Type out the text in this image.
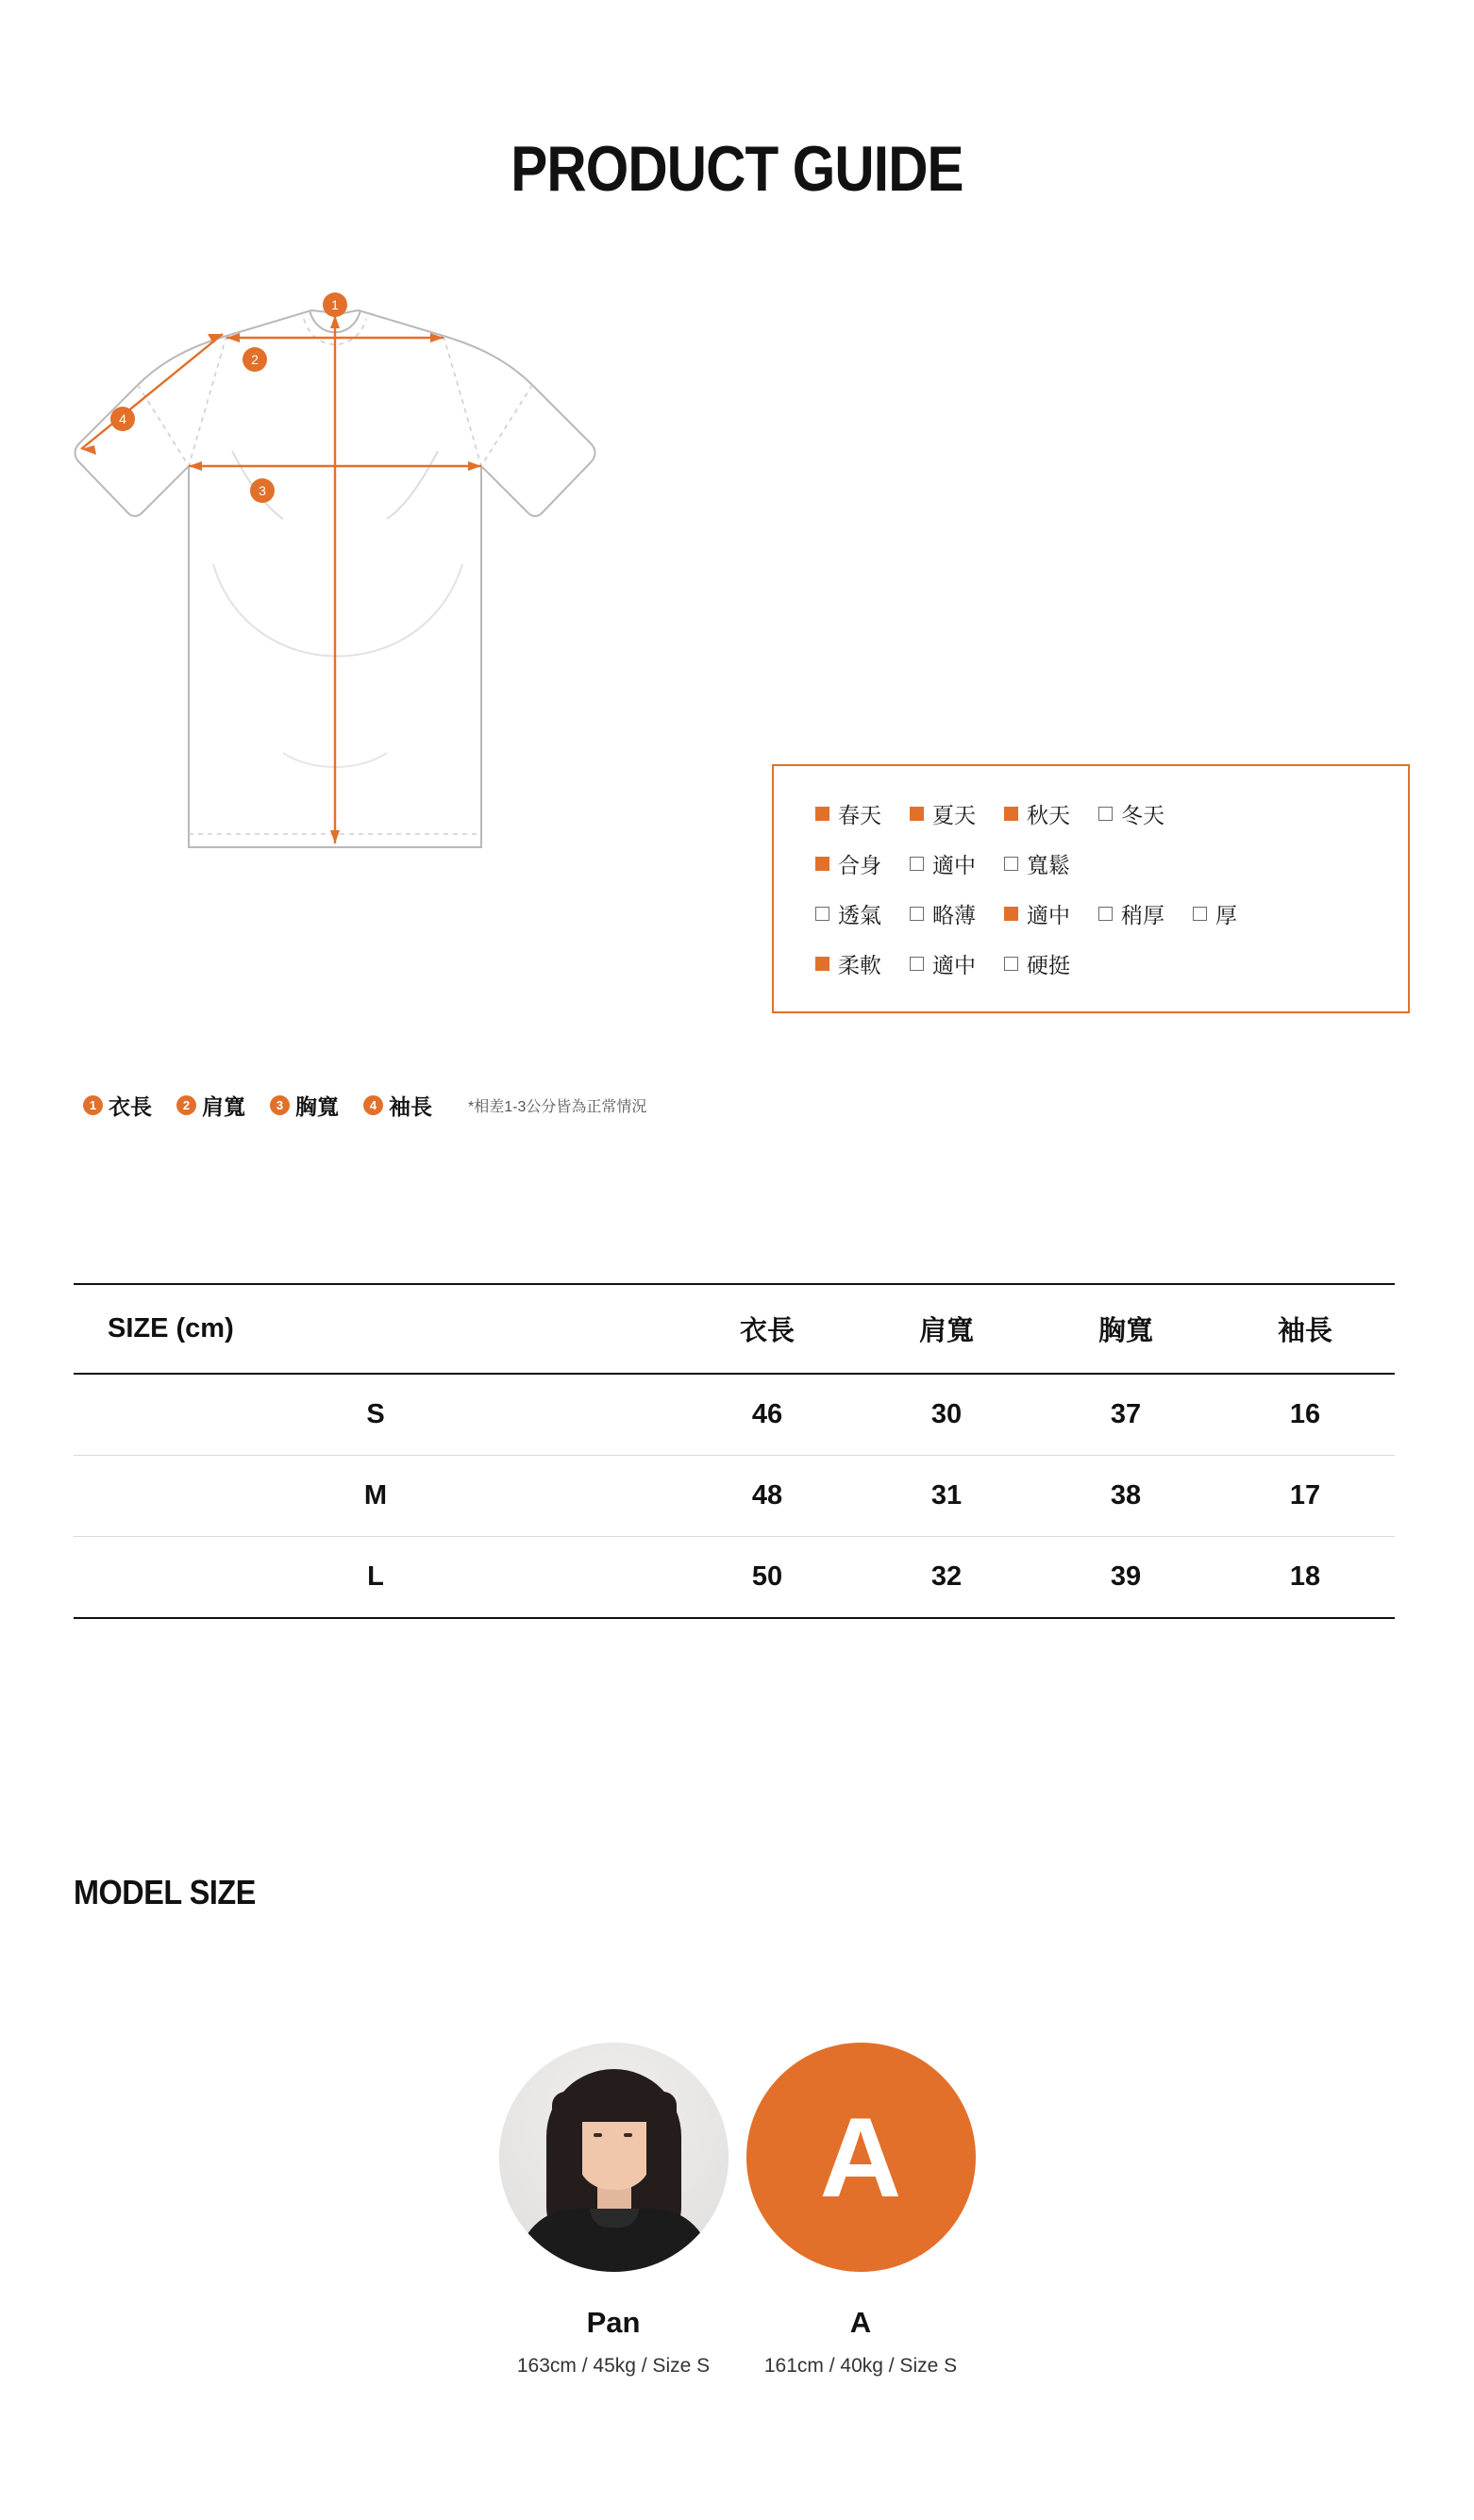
PRODUCT GUIDE
1
2
3
4
春天 夏天 秋天 冬天
合身 適中 寬鬆
透氣 略薄 適中 稍厚 厚
柔軟 適中 硬挺
1 衣長	2 肩寬	3 胸寬	4 袖長 *相差1-3公分皆為正常情況
SIZE (cm)	衣長	肩寬	胸寬	袖長
S	46	30	37	16
M	48	31	38	17
L	50	32	39	18
MODEL SIZE
Pan
163cm / 45kg / Size S
A
A
161cm / 40kg / Size S
